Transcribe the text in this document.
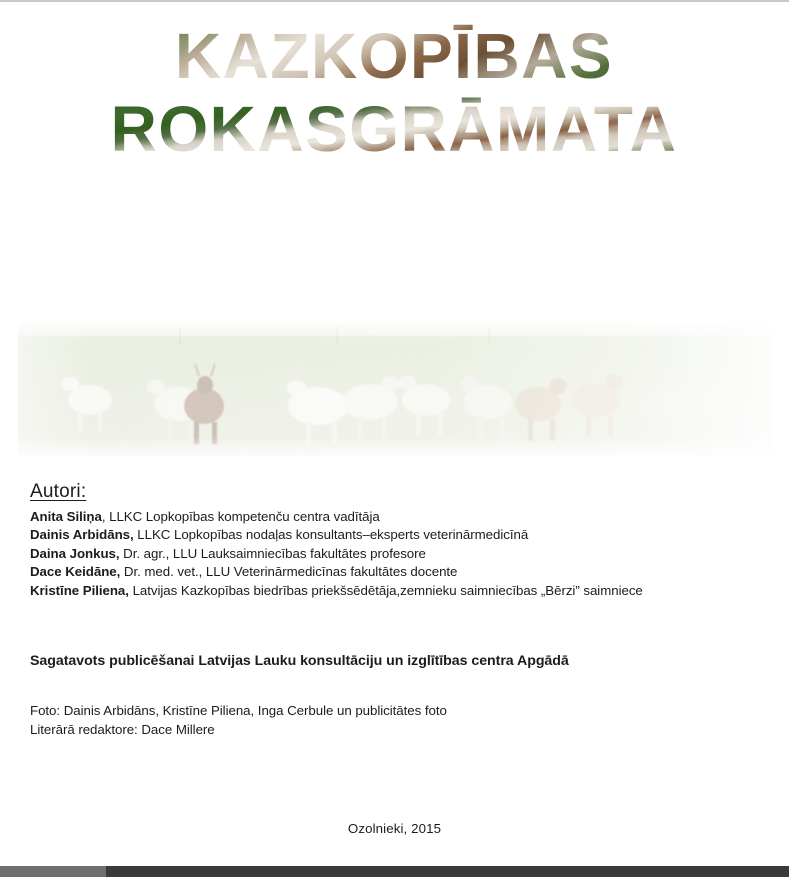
Autori:
Anita Siliņa, LLKC Lopkopības kompetenču centra vadītāja
Dainis Arbidāns, LLKC Lopkopības nodaļas konsultants–eksperts veterinārmedicīnā
Daina Jonkus, Dr. agr., LLU Lauksaimniecības fakultātes profesore
Dace Keidāne, Dr. med. vet., LLU Veterinārmedicīnas fakultātes docente
Kristīne Piliena, Latvijas Kazkopības biedrības priekšsēdētāja,zemnieku saimniecības „Bērzi” saimniece
Sagatavots publicēšanai Latvijas Lauku konsultāciju un izglītības centra Apgādā
Foto: Dainis Arbidāns, Kristīne Piliena, Inga Cerbule un publicitātes foto
Literārā redaktore: Dace Millere
Ozolnieki, 2015
